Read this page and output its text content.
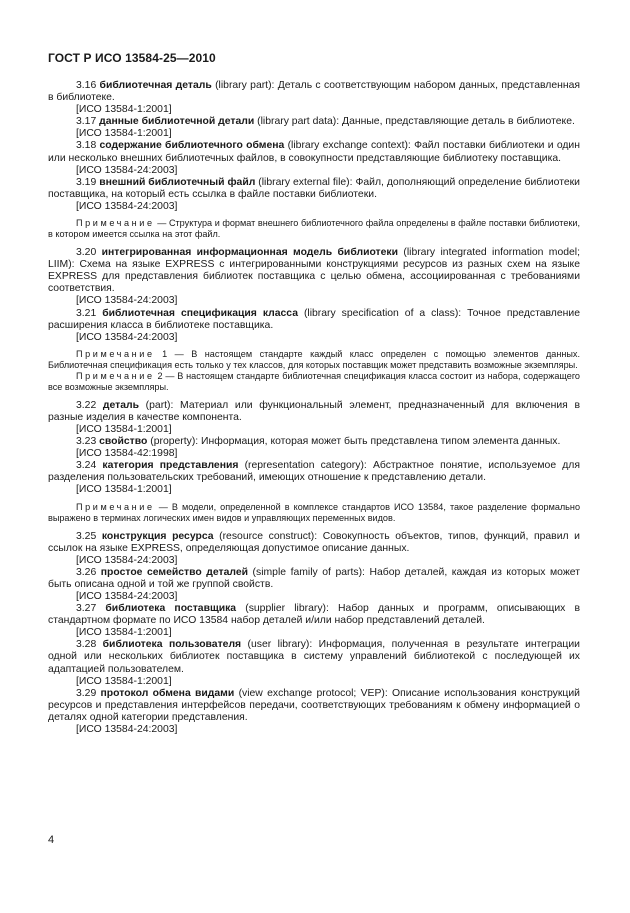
ГОСТ Р ИСО 13584-25—2010

3.16 библиотечная деталь (library part): Деталь с соответствующим набором данных, представленная в библиотеке.

[ИСО 13584-1:2001]

3.17 данные библиотечной детали (library part data): Данные, представляющие деталь в библиотеке.

[ИСО 13584-1:2001]

3.18 содержание библиотечного обмена (library exchange context): Файл поставки библиотеки и один или несколько внешних библиотечных файлов, в совокупности представляющие библиотеку поставщика.

[ИСО 13584-24:2003]

3.19 внешний библиотечный файл (library external file): Файл, дополняющий определение библиотеки поставщика, на который есть ссылка в файле поставки библиотеки.

[ИСО 13584-24:2003]

Примечание — Структура и формат внешнего библиотечного файла определены в файле поставки библиотеки, в котором имеется ссылка на этот файл.

3.20 интегрированная информационная модель библиотеки (library integrated information model; LIIM): Схема на языке EXPRESS с интегрированными конструкциями ресурсов из разных схем на языке EXPRESS для представления библиотек поставщика с целью обмена, ассоциированная с требованиями соответствия.

[ИСО 13584-24:2003]

3.21 библиотечная спецификация класса (library specification of a class): Точное представление расширения класса в библиотеке поставщика.

[ИСО 13584-24:2003]

Примечание 1 — В настоящем стандарте каждый класс определен с помощью элементов данных. Библиотечная спецификация есть только у тех классов, для которых поставщик может представить возможные экземпляры.

Примечание 2 — В настоящем стандарте библиотечная спецификация класса состоит из набора, содержащего все возможные экземпляры.

3.22 деталь (part): Материал или функциональный элемент, предназначенный для включения в разные изделия в качестве компонента.

[ИСО 13584-1:2001]

3.23 свойство (property): Информация, которая может быть представлена типом элемента данных.

[ИСО 13584-42:1998]

3.24 категория представления (representation category): Абстрактное понятие, используемое для разделения пользовательских требований, имеющих отношение к представлению детали.

[ИСО 13584-1:2001]

Примечание — В модели, определенной в комплексе стандартов ИСО 13584, такое разделение формально выражено в терминах логических имен видов и управляющих переменных видов.

3.25 конструкция ресурса (resource construct): Совокупность объектов, типов, функций, правил и ссылок на языке EXPRESS, определяющая допустимое описание данных.

[ИСО 13584-24:2003]

3.26 простое семейство деталей (simple family of parts): Набор деталей, каждая из которых может быть описана одной и той же группой свойств.

[ИСО 13584-24:2003]

3.27 библиотека поставщика (supplier library): Набор данных и программ, описывающих в стандартном формате по ИСО 13584 набор деталей и/или набор представлений деталей.

[ИСО 13584-1:2001]

3.28 библиотека пользователя (user library): Информация, полученная в результате интеграции одной или нескольких библиотек поставщика в систему управлений библиотекой с последующей их адаптацией пользователем.

[ИСО 13584-1:2001]

3.29 протокол обмена видами (view exchange protocol; VEP): Описание использования конструкций ресурсов и представления интерфейсов передачи, соответствующих требованиям к обмену информацией о деталях одной категории представления.

[ИСО 13584-24:2003]

4
